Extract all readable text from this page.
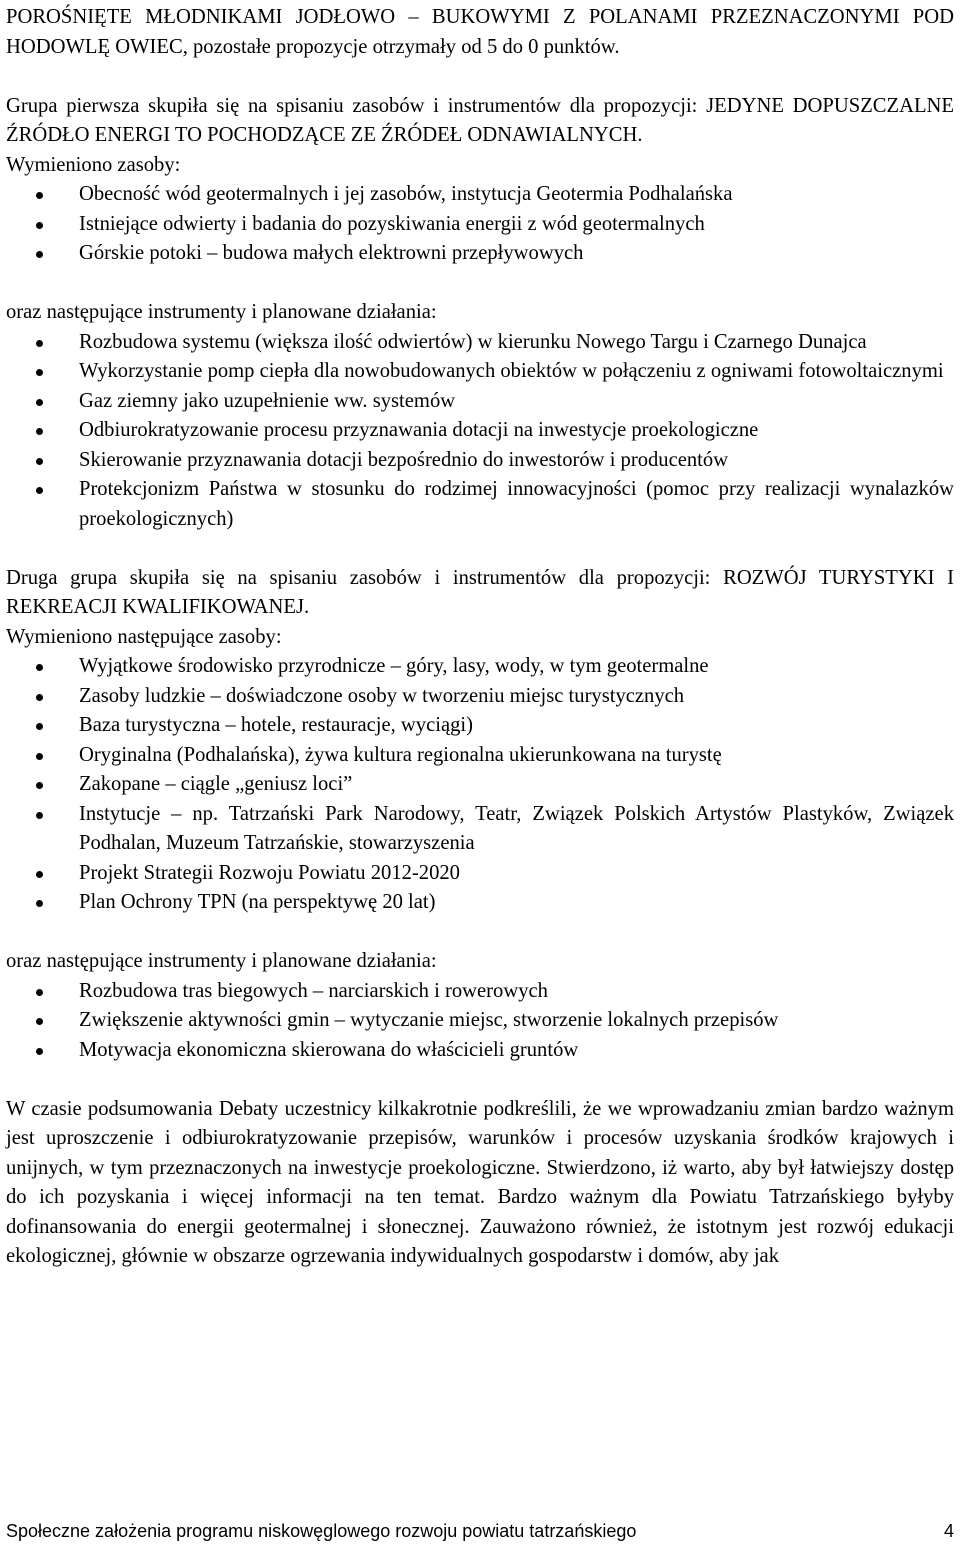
POROŚNIĘTE MŁODNIKAMI JODŁOWO – BUKOWYMI Z POLANAMI PRZEZNACZONYMI POD HODOWLĘ OWIEC, pozostałe propozycje otrzymały od 5 do 0 punktów.

Grupa pierwsza skupiła się na spisaniu zasobów i instrumentów dla propozycji: JEDYNE DOPUSZCZALNE ŹRÓDŁO ENERGI TO POCHODZĄCE ZE ŹRÓDEŁ ODNAWIALNYCH.

Wymieniono zasoby:

Obecność wód geotermalnych i jej zasobów, instytucja Geotermia Podhalańska
Istniejące odwierty i badania do pozyskiwania energii z wód geotermalnych
Górskie potoki – budowa małych elektrowni przepływowych

oraz następujące instrumenty i planowane działania:

Rozbudowa systemu (większa ilość odwiertów) w kierunku Nowego Targu i Czarnego Dunajca
Wykorzystanie pomp ciepła dla nowobudowanych obiektów w połączeniu z ogniwami fotowoltaicznymi
Gaz ziemny jako uzupełnienie ww. systemów
Odbiurokratyzowanie procesu przyznawania dotacji na inwestycje proekologiczne
Skierowanie przyznawania dotacji bezpośrednio do inwestorów i producentów
Protekcjonizm Państwa w stosunku do rodzimej innowacyjności (pomoc przy realizacji wynalazków proekologicznych)

Druga grupa skupiła się na spisaniu zasobów i instrumentów dla propozycji: ROZWÓJ TURYSTYKI I REKREACJI KWALIFIKOWANEJ.

Wymieniono następujące zasoby:

Wyjątkowe środowisko przyrodnicze – góry, lasy, wody, w tym geotermalne
Zasoby ludzkie – doświadczone osoby w tworzeniu miejsc turystycznych
Baza turystyczna – hotele, restauracje, wyciągi)
Oryginalna (Podhalańska), żywa kultura regionalna ukierunkowana na turystę
Zakopane – ciągle „geniusz loci”
Instytucje – np. Tatrzański Park Narodowy, Teatr, Związek Polskich Artystów Plastyków, Związek Podhalan, Muzeum Tatrzańskie, stowarzyszenia
Projekt Strategii Rozwoju Powiatu 2012-2020
Plan Ochrony TPN (na perspektywę 20 lat)

oraz następujące instrumenty i planowane działania:

Rozbudowa tras biegowych – narciarskich i rowerowych
Zwiększenie aktywności gmin – wytyczanie miejsc, stworzenie lokalnych przepisów
Motywacja ekonomiczna skierowana do właścicieli gruntów

W czasie podsumowania Debaty uczestnicy kilkakrotnie podkreślili, że we wprowadzaniu zmian bardzo ważnym jest uproszczenie i odbiurokratyzowanie przepisów, warunków i procesów uzyskania środków krajowych i unijnych, w tym przeznaczonych na inwestycje proekologiczne. Stwierdzono, iż warto, aby był łatwiejszy dostęp do ich pozyskania i więcej informacji na ten temat. Bardzo ważnym dla Powiatu Tatrzańskiego byłyby dofinansowania do energii geotermalnej i słonecznej. Zauważono również, że istotnym jest rozwój edukacji ekologicznej, głównie w obszarze ogrzewania indywidualnych gospodarstw i domów, aby jak

Społeczne założenia programu niskowęglowego rozwoju powiatu tatrzańskiego	4
